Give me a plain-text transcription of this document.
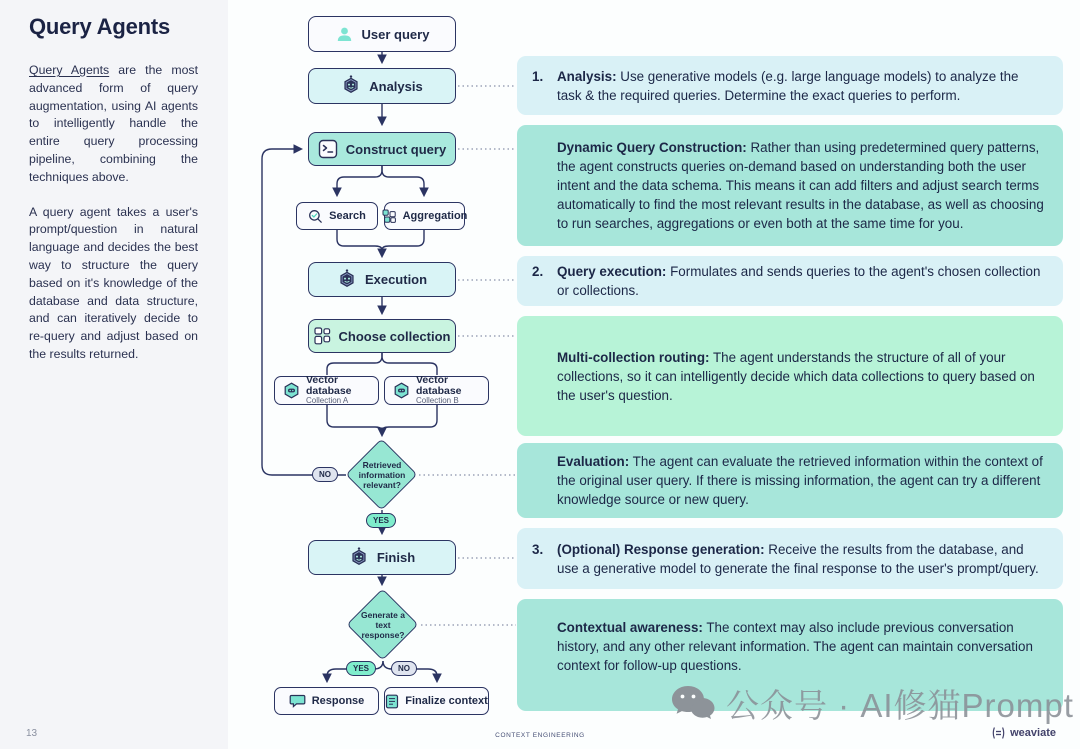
Query Agents

Query Agents are the most advanced form of query augmentation, using AI agents to intelligently handle the entire query processing pipeline, combining the techniques above.

A query agent takes a user's prompt/question in natural language and decides the best way to structure the query based on it's knowledge of the database and data structure, and can iteratively decide to re-query and adjust based on the results returned.

User query
Analysis
Construct query
Search	Aggregation
Execution
Choose collection
Vector database
Collection A
Vector database
Collection B
Retrieved information relevant?
NO
YES
Finish
Generate a text response?
YES	NO
Response	Finalize context
1. Analysis: Use generative models (e.g. large language models) to analyze the task & the required queries. Determine the exact queries to perform.
Dynamic Query Construction: Rather than using predetermined query patterns, the agent constructs queries on-demand based on understanding both the user intent and the data schema. This means it can add filters and adjust search terms automatically to find the most relevant results in the database, as well as choosing to run searches, aggregations or even both at the same time for you.
2. Query execution: Formulates and sends queries to the agent's chosen collection or collections.
Multi-collection routing: The agent understands the structure of all of your collections, so it can intelligently decide which data collections to query based on the user's question.
Evaluation: The agent can evaluate the retrieved information within the context of the original user query. If there is missing information, the agent can try a different knowledge source or new query.
3. (Optional) Response generation: Receive the results from the database, and use a generative model to generate the final response to the user's prompt/query.
Contextual awareness: The context may also include previous conversation history, and any other relevant information. The agent can maintain conversation context for follow-up questions.
公众号 · AI修猫Prompt
13	CONTEXT ENGINEERING	weaviate
